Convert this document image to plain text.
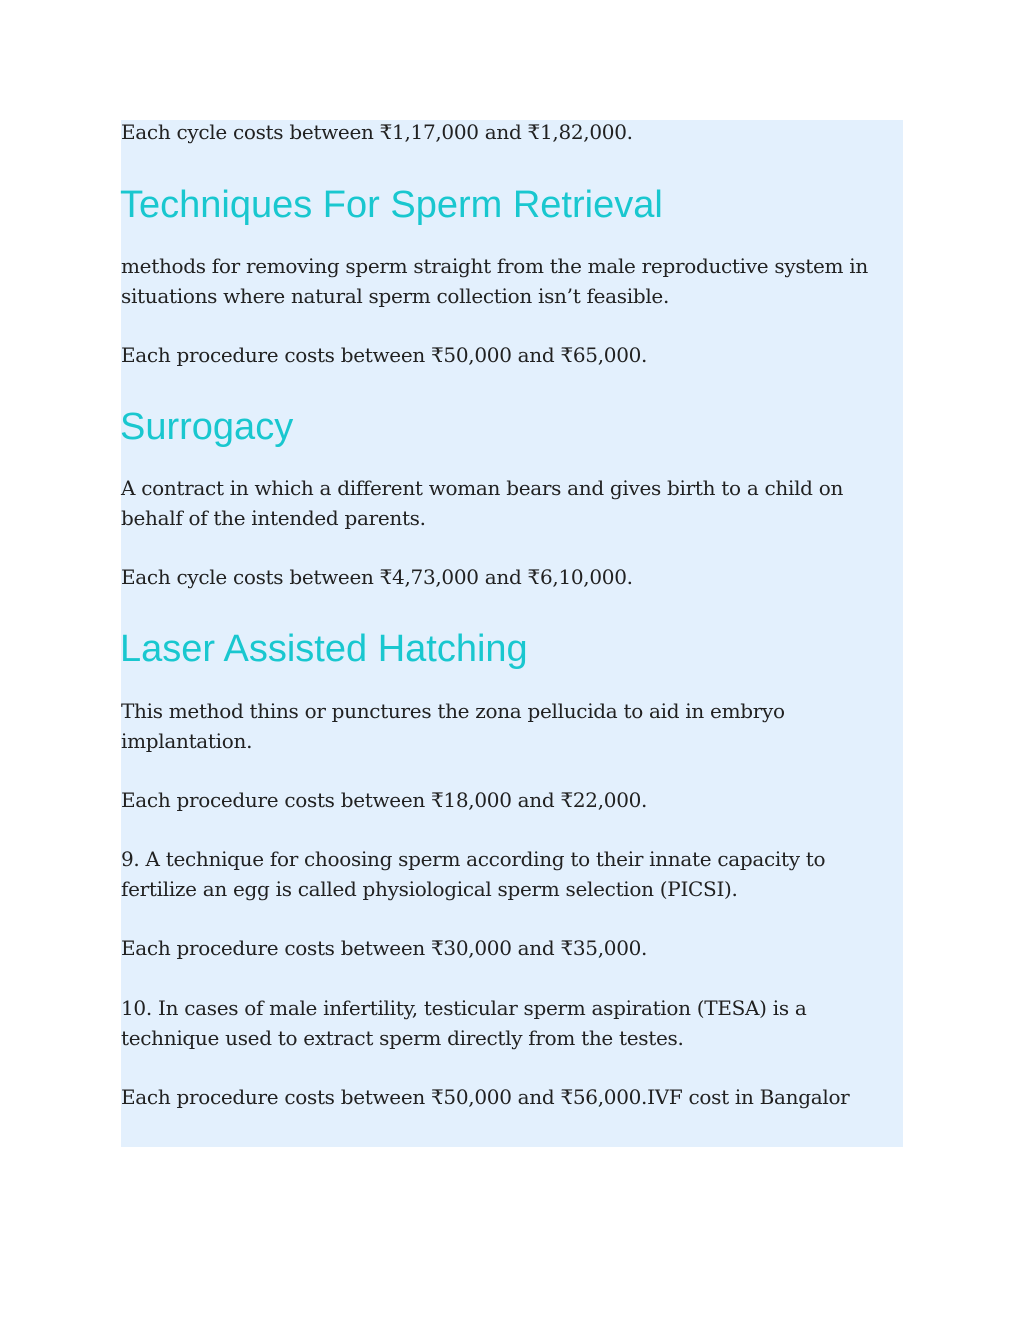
Each cycle costs between ₹1,17,000 and ₹1,82,000.

Techniques For Sperm Retrieval

methods for removing sperm straight from the male reproductive system in situations where natural sperm collection isn’t feasible.

Each procedure costs between ₹50,000 and ₹65,000.

Surrogacy

A contract in which a different woman bears and gives birth to a child on behalf of the intended parents.

Each cycle costs between ₹4,73,000 and ₹6,10,000.

Laser Assisted Hatching

This method thins or punctures the zona pellucida to aid in embryo implantation.

Each procedure costs between ₹18,000 and ₹22,000.

9. A technique for choosing sperm according to their innate capacity to fertilize an egg is called physiological sperm selection (PICSI).

Each procedure costs between ₹30,000 and ₹35,000.

10. In cases of male infertility, testicular sperm aspiration (TESA) is a technique used to extract sperm directly from the testes.

Each procedure costs between ₹50,000 and ₹56,000.IVF cost in Bangalor
